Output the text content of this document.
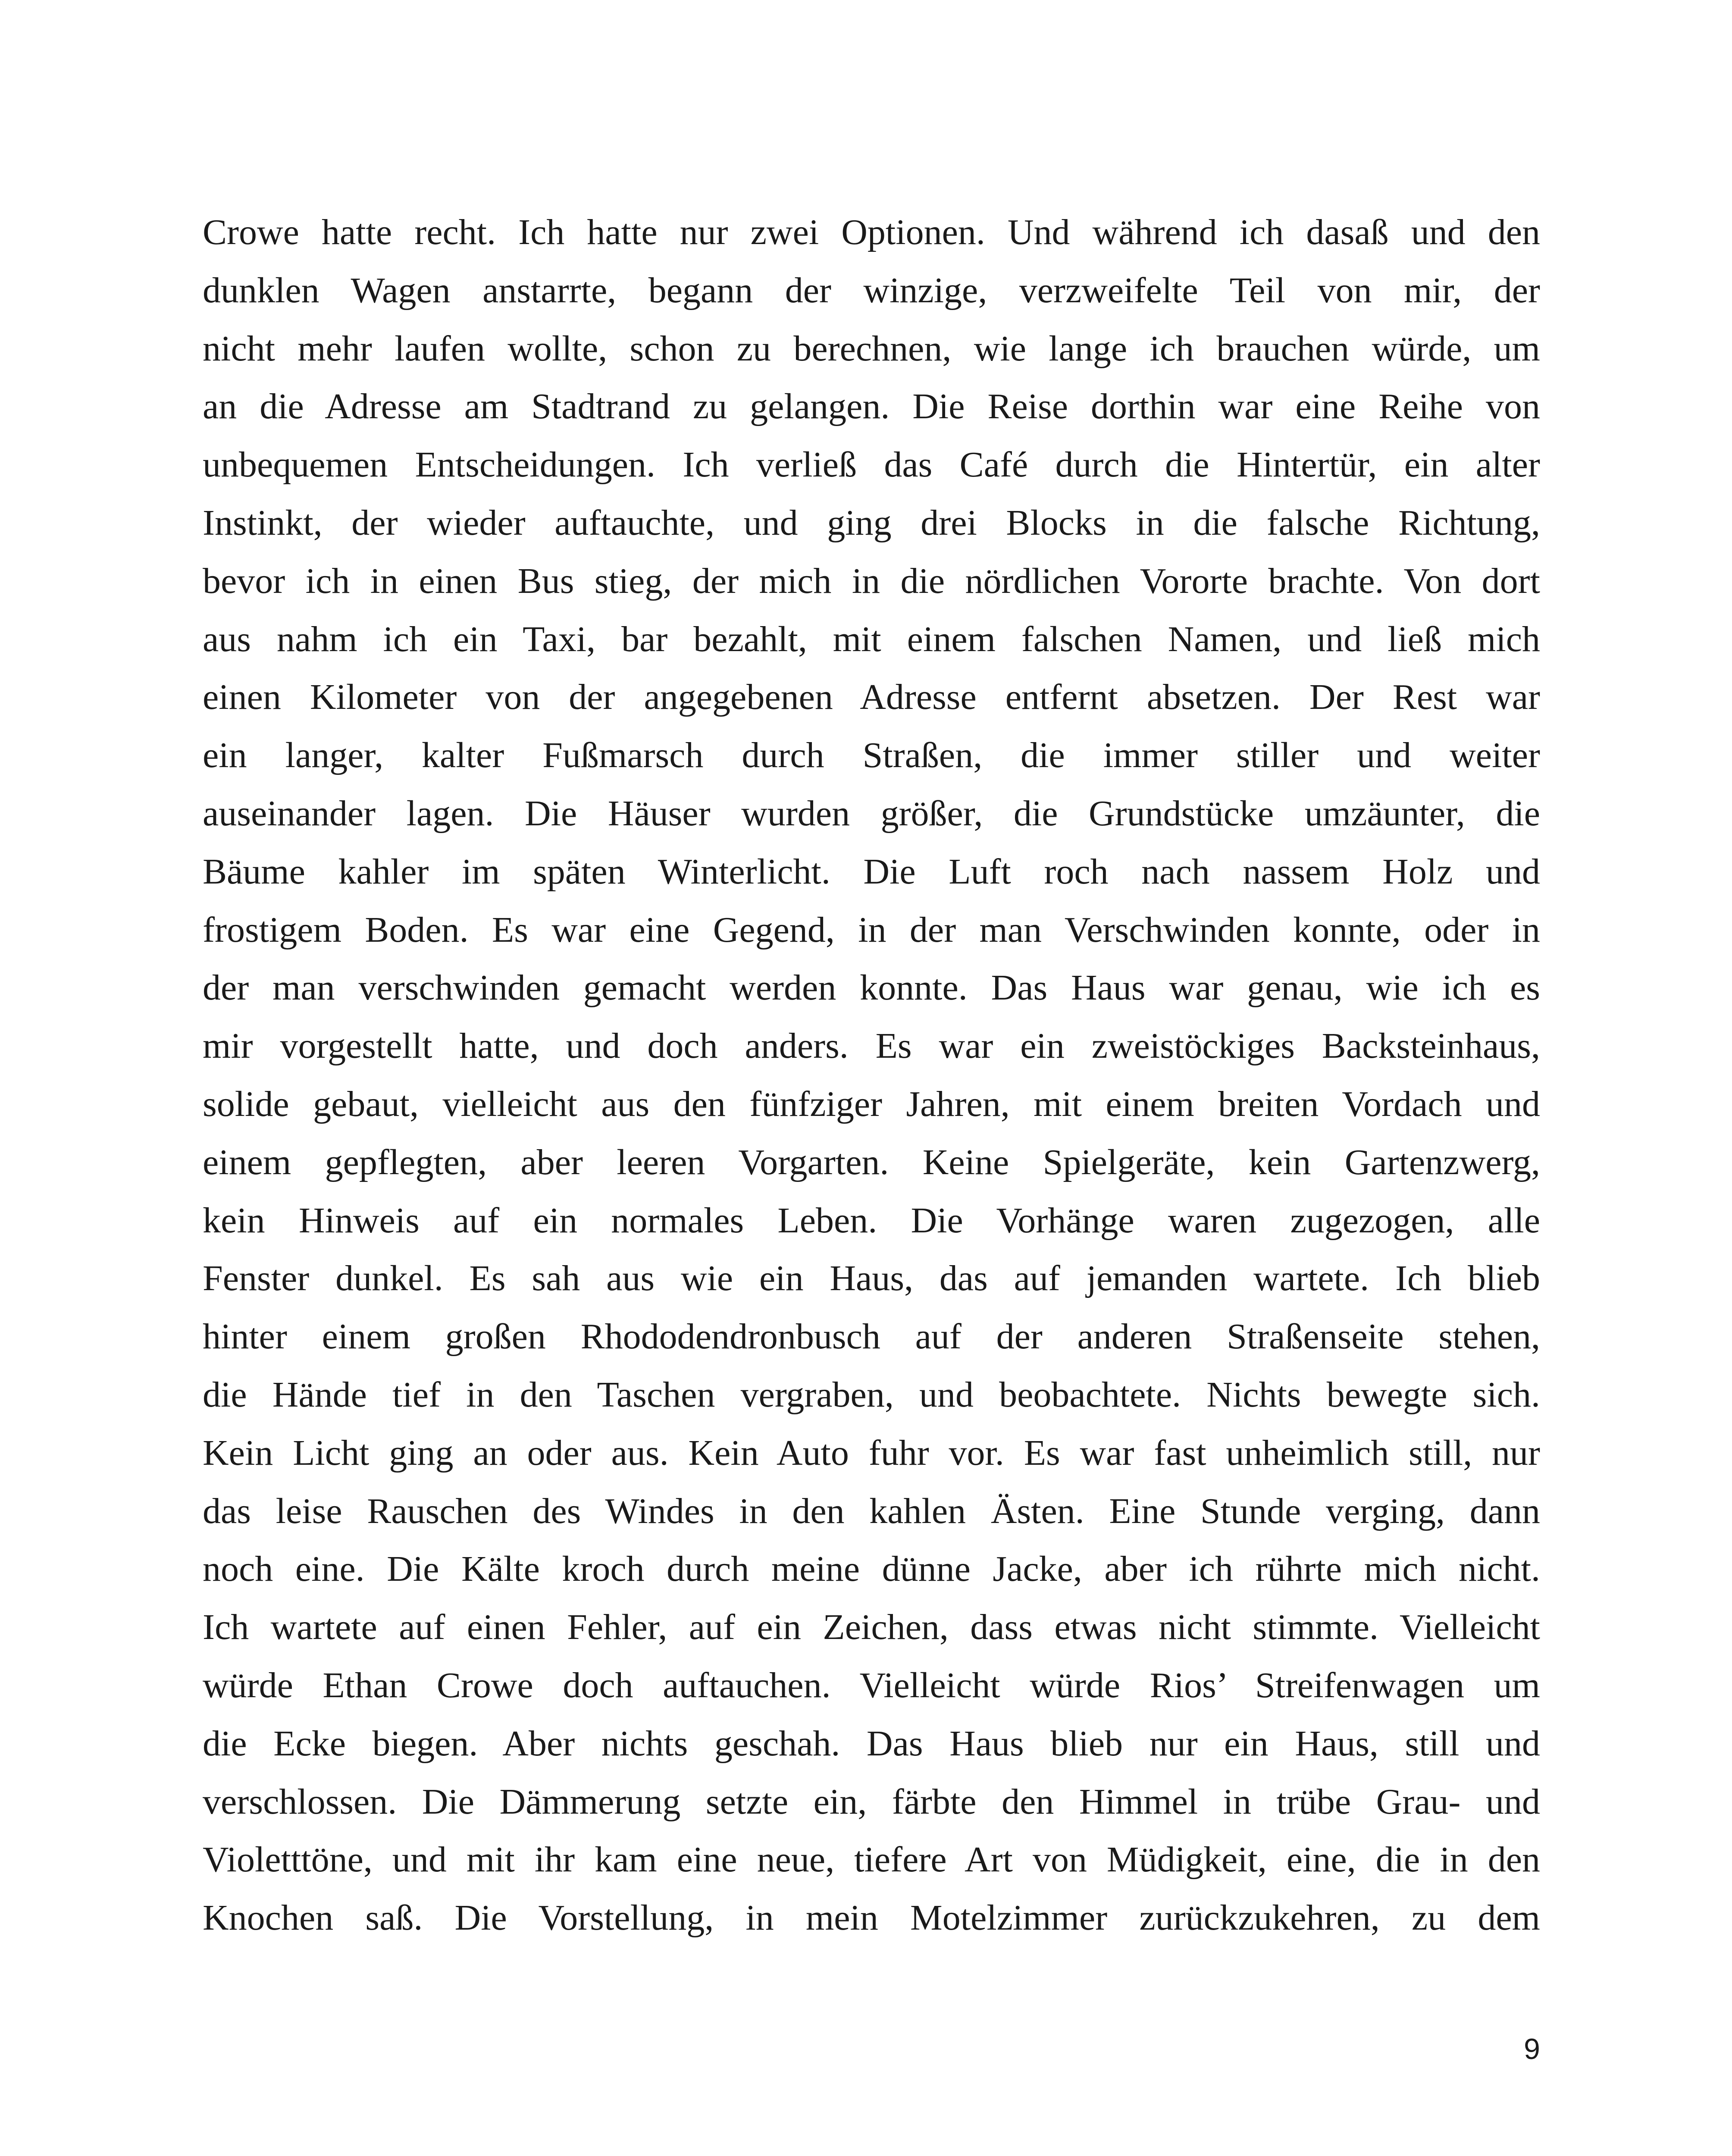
Crowe hatte recht. Ich hatte nur zwei Optionen. Und während ich dasaß und den
dunklen Wagen anstarrte, begann der winzige, verzweifelte Teil von mir, der
nicht mehr laufen wollte, schon zu berechnen, wie lange ich brauchen würde, um
an die Adresse am Stadtrand zu gelangen. Die Reise dorthin war eine Reihe von
unbequemen Entscheidungen. Ich verließ das Café durch die Hintertür, ein alter
Instinkt, der wieder auftauchte, und ging drei Blocks in die falsche Richtung,
bevor ich in einen Bus stieg, der mich in die nördlichen Vororte brachte. Von dort
aus nahm ich ein Taxi, bar bezahlt, mit einem falschen Namen, und ließ mich
einen Kilometer von der angegebenen Adresse entfernt absetzen. Der Rest war
ein langer, kalter Fußmarsch durch Straßen, die immer stiller und weiter
auseinander lagen. Die Häuser wurden größer, die Grundstücke umzäunter, die
Bäume kahler im späten Winterlicht. Die Luft roch nach nassem Holz und
frostigem Boden. Es war eine Gegend, in der man Verschwinden konnte, oder in
der man verschwinden gemacht werden konnte. Das Haus war genau, wie ich es
mir vorgestellt hatte, und doch anders. Es war ein zweistöckiges Backsteinhaus,
solide gebaut, vielleicht aus den fünfziger Jahren, mit einem breiten Vordach und
einem gepflegten, aber leeren Vorgarten. Keine Spielgeräte, kein Gartenzwerg,
kein Hinweis auf ein normales Leben. Die Vorhänge waren zugezogen, alle
Fenster dunkel. Es sah aus wie ein Haus, das auf jemanden wartete. Ich blieb
hinter einem großen Rhododendronbusch auf der anderen Straßenseite stehen,
die Hände tief in den Taschen vergraben, und beobachtete. Nichts bewegte sich.
Kein Licht ging an oder aus. Kein Auto fuhr vor. Es war fast unheimlich still, nur
das leise Rauschen des Windes in den kahlen Ästen. Eine Stunde verging, dann
noch eine. Die Kälte kroch durch meine dünne Jacke, aber ich rührte mich nicht.
Ich wartete auf einen Fehler, auf ein Zeichen, dass etwas nicht stimmte. Vielleicht
würde Ethan Crowe doch auftauchen. Vielleicht würde Rios’ Streifenwagen um
die Ecke biegen. Aber nichts geschah. Das Haus blieb nur ein Haus, still und
verschlossen. Die Dämmerung setzte ein, färbte den Himmel in trübe Grau- und
Violetttöne, und mit ihr kam eine neue, tiefere Art von Müdigkeit, eine, die in den
Knochen saß. Die Vorstellung, in mein Motelzimmer zurückzukehren, zu dem
9
